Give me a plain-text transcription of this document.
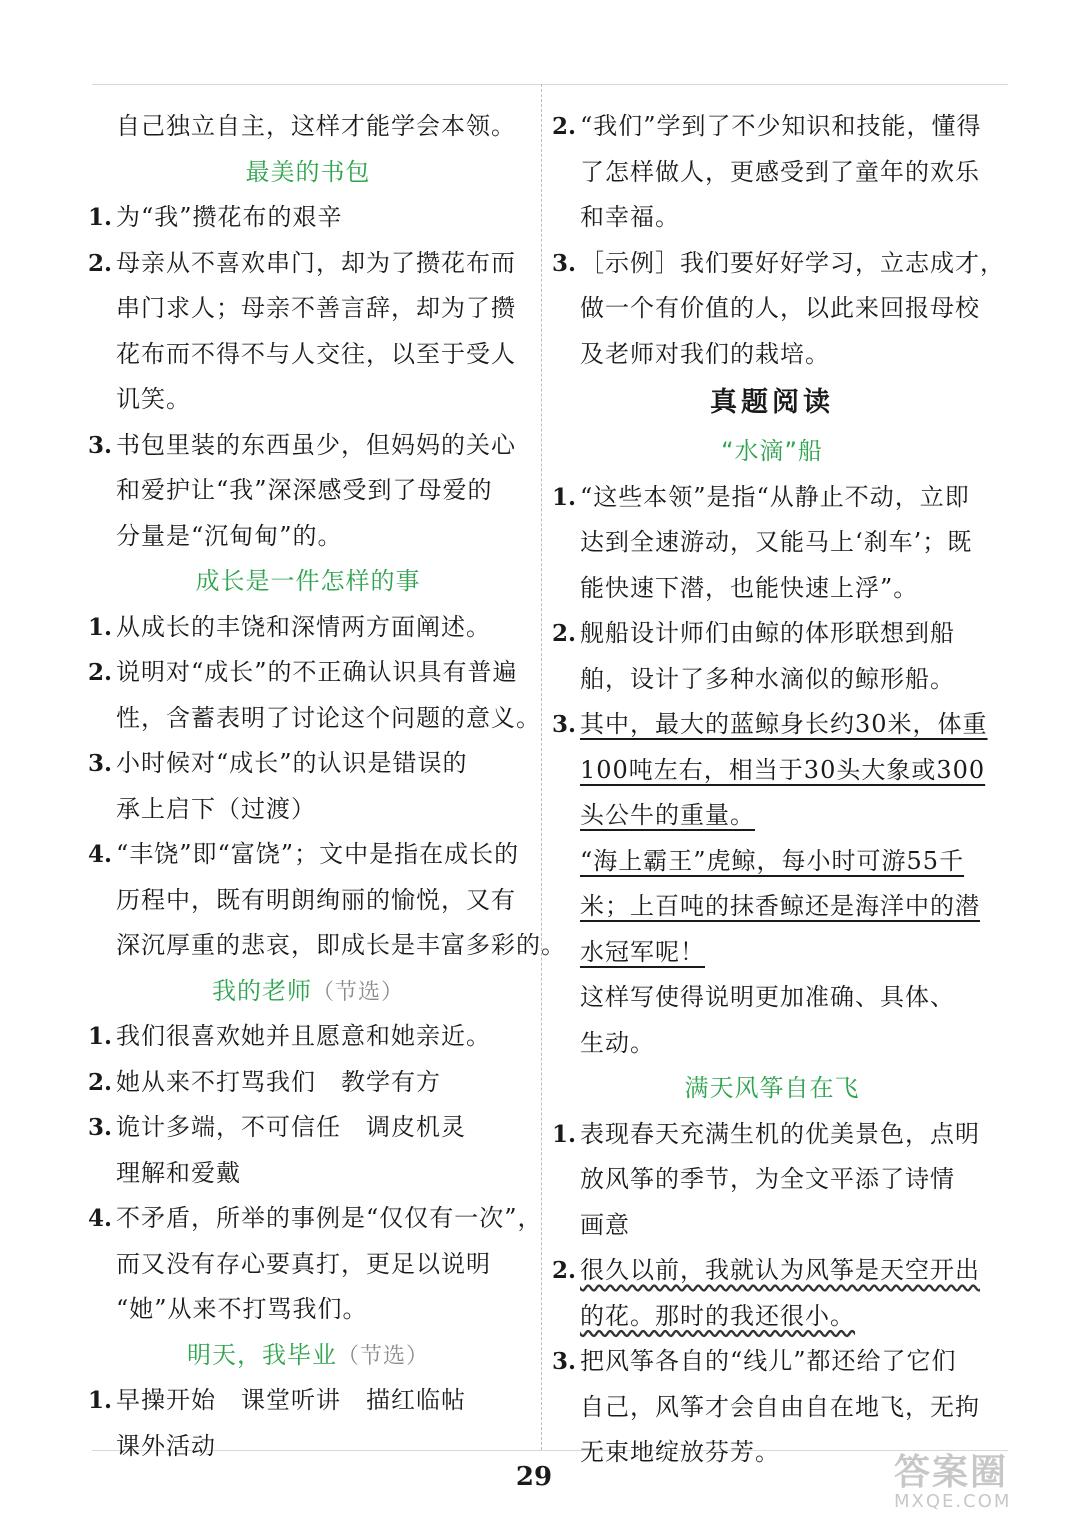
自己独立自主，这样才能学会本领。
最美的书包
1. 为“我”攒花布的艰辛
2. 母亲从不喜欢串门，却为了攒花布而
串门求人；母亲不善言辞，却为了攒
花布而不得不与人交往，以至于受人
讥笑。
3. 书包里装的东西虽少，但妈妈的关心
和爱护让“我”深深感受到了母爱的
分量是“沉甸甸”的。
成长是一件怎样的事
1. 从成长的丰饶和深情两方面阐述。
2. 说明对“成长”的不正确认识具有普遍
性，含蓄表明了讨论这个问题的意义。
3. 小时候对“成长”的认识是错误的
承上启下（过渡）
4. “丰饶”即“富饶”；文中是指在成长的
历程中，既有明朗绚丽的愉悦，又有
深沉厚重的悲哀，即成长是丰富多彩的。
我的老师（节选）
1. 我们很喜欢她并且愿意和她亲近。
2. 她从来不打骂我们　教学有方
3. 诡计多端，不可信任　调皮机灵
理解和爱戴
4. 不矛盾，所举的事例是“仅仅有一次”，
而又没有存心要真打，更足以说明
“她”从来不打骂我们。
明天，我毕业（节选）
1. 早操开始　课堂听讲　描红临帖
课外活动
2. “我们”学到了不少知识和技能，懂得
了怎样做人，更感受到了童年的欢乐
和幸福。
3. ［示例］我们要好好学习，立志成才，
做一个有价值的人，以此来回报母校
及老师对我们的栽培。
真题阅读
“水滴”船
1. “这些本领”是指“从静止不动，立即
达到全速游动，又能马上‘刹车’；既
能快速下潜，也能快速上浮”。
2. 舰船设计师们由鲸的体形联想到船
舶，设计了多种水滴似的鲸形船。
3. 其中，最大的蓝鲸身长约30米，体重
100吨左右，相当于30头大象或300
头公牛的重量。
“海上霸王”虎鲸，每小时可游55千
米；上百吨的抹香鲸还是海洋中的潜
水冠军呢！
这样写使得说明更加准确、具体、
生动。
满天风筝自在飞
1. 表现春天充满生机的优美景色，点明
放风筝的季节，为全文平添了诗情
画意
2. 很久以前，我就认为风筝是天空开出
的花。那时的我还很小。
3. 把风筝各自的“线儿”都还给了它们
自己，风筝才会自由自在地飞，无拘
无束地绽放芬芳。
29	答案圈
MXQE.COM
